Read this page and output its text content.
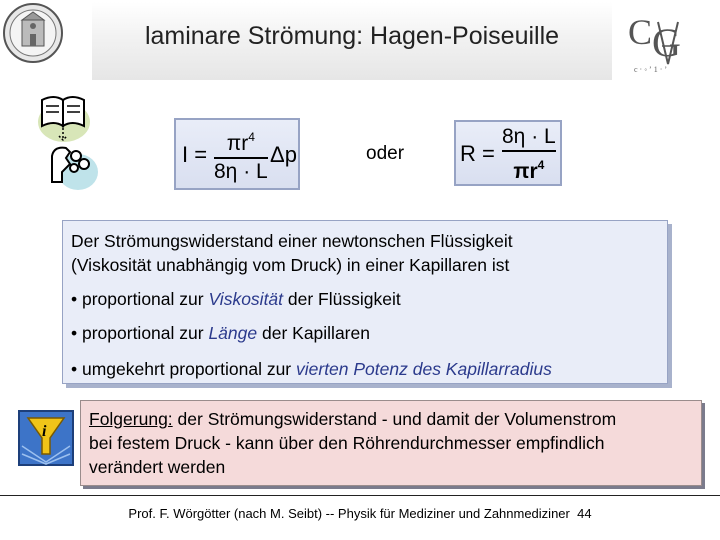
laminare Strömung: Hagen-Poiseuille	C G
c · ◦ ʼ 1 · ʼ
$I = \pi r^4$
8η · L
Δp	oder	R =
8η · L
$\pi r^4$
Der Strömungswiderstand einer newtonschen Flüssigkeit
(Viskosität unabhängig vom Druck) in einer Kapillaren ist
• proportional zur Viskosität der Flüssigkeit
• proportional zur Länge der Kapillaren
• umgekehrt proportional zur vierten Potenz des Kapillarradius
i
Folgerung: der Strömungswiderstand - und damit der Volumenstrom
bei festem Druck - kann über den Röhrendurchmesser empfindlich
verändert werden
Prof. F. Wörgötter (nach M. Seibt) -- Physik für Mediziner und Zahnmediziner 44
